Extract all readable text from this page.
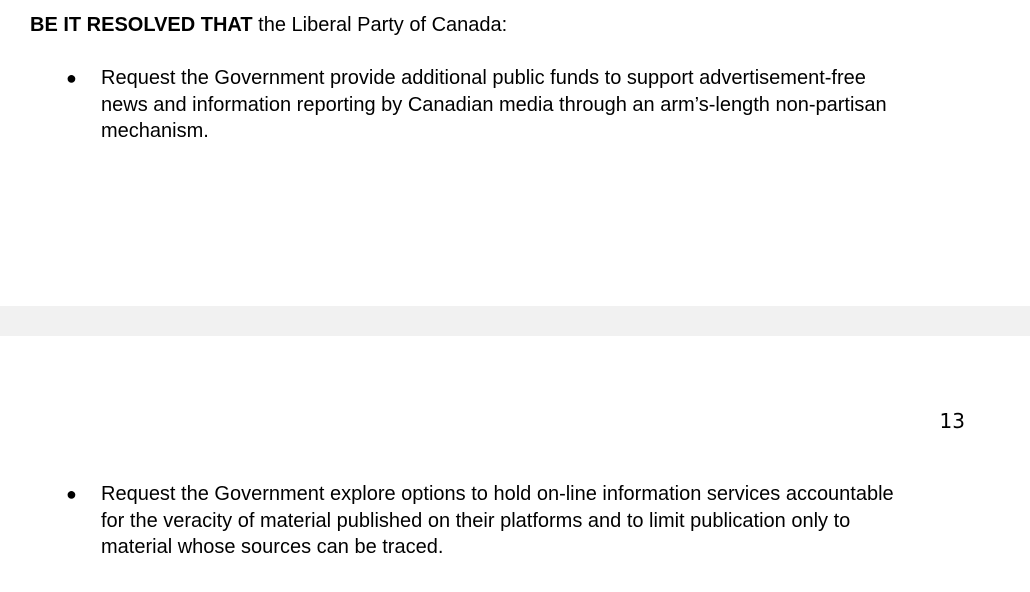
BE IT RESOLVED THAT the Liberal Party of Canada:
● Request the Government provide additional public funds to support advertisement-free
news and information reporting by Canadian media through an arm’s-length non-partisan
mechanism.
13
● Request the Government explore options to hold on-line information services accountable
for the veracity of material published on their platforms and to limit publication only to
material whose sources can be traced.
